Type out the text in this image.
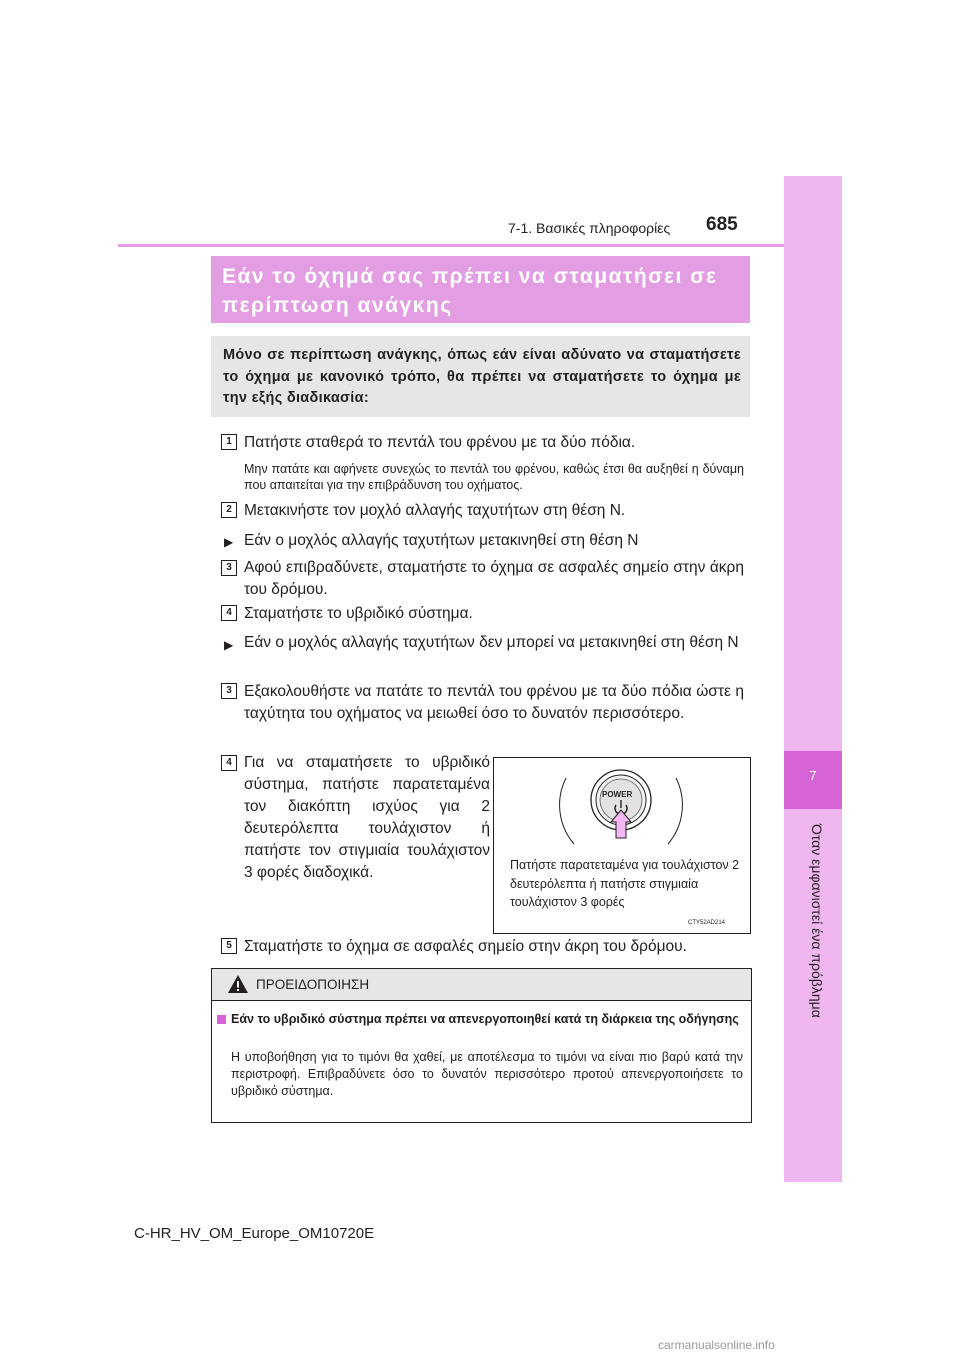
7
Όταν εμφανιστεί ένα πρόβλημα
7-1. Βασικές πληροφορίες 685
Εάν το όχημά σας πρέπει να σταματήσει σε περίπτωση ανάγκης
Μόνο σε περίπτωση ανάγκης, όπως εάν είναι αδύνατο να σταματήσετε το όχημα με κανονικό τρόπο, θα πρέπει να σταματήσετε το όχημα με την εξής διαδικασία:
1 Πατήστε σταθερά το πεντάλ του φρένου με τα δύο πόδια.
Μην πατάτε και αφήνετε συνεχώς το πεντάλ του φρένου, καθώς έτσι θα αυξηθεί η δύναμη που απαιτείται για την επιβράδυνση του οχήματος.
2 Μετακινήστε τον μοχλό αλλαγής ταχυτήτων στη θέση N.
▶ Εάν ο μοχλός αλλαγής ταχυτήτων μετακινηθεί στη θέση N
3 Αφού επιβραδύνετε, σταματήστε το όχημα σε ασφαλές σημείο στην άκρη του δρόμου.
4 Σταματήστε το υβριδικό σύστημα.
▶ Εάν ο μοχλός αλλαγής ταχυτήτων δεν μπορεί να μετακινηθεί στη θέση N
3 Εξακολουθήστε να πατάτε το πεντάλ του φρένου με τα δύο πόδια ώστε η ταχύτητα του οχήματος να μειωθεί όσο το δυνατόν περισσότερο.
4 Για να σταματήσετε το υβριδικό σύστημα, πατήστε παρατεταμένα τον διακόπτη ισχύος για 2 δευτερόλεπτα τουλάχιστον ή πατήστε τον στιγμιαία τουλάχιστον 3 φορές διαδοχικά.
POWER
Πατήστε παρατεταμένα για τουλάχιστον 2 δευτερόλεπτα ή πατήστε στιγμιαία τουλάχιστον 3 φορές
CTY52AD214
5 Σταματήστε το όχημα σε ασφαλές σημείο στην άκρη του δρόμου.
ΠΡΟΕΙΔΟΠΟΙΗΣΗ
Εάν το υβριδικό σύστημα πρέπει να απενεργοποιηθεί κατά τη διάρκεια της οδήγησης
Η υποβοήθηση για το τιμόνι θα χαθεί, με αποτέλεσμα το τιμόνι να είναι πιο βαρύ κατά την περιστροφή. Επιβραδύνετε όσο το δυνατόν περισσότερο προτού απενεργοποιήσετε το υβριδικό σύστημα.
C-HR_HV_OM_Europe_OM10720E
carmanualsonline.info
